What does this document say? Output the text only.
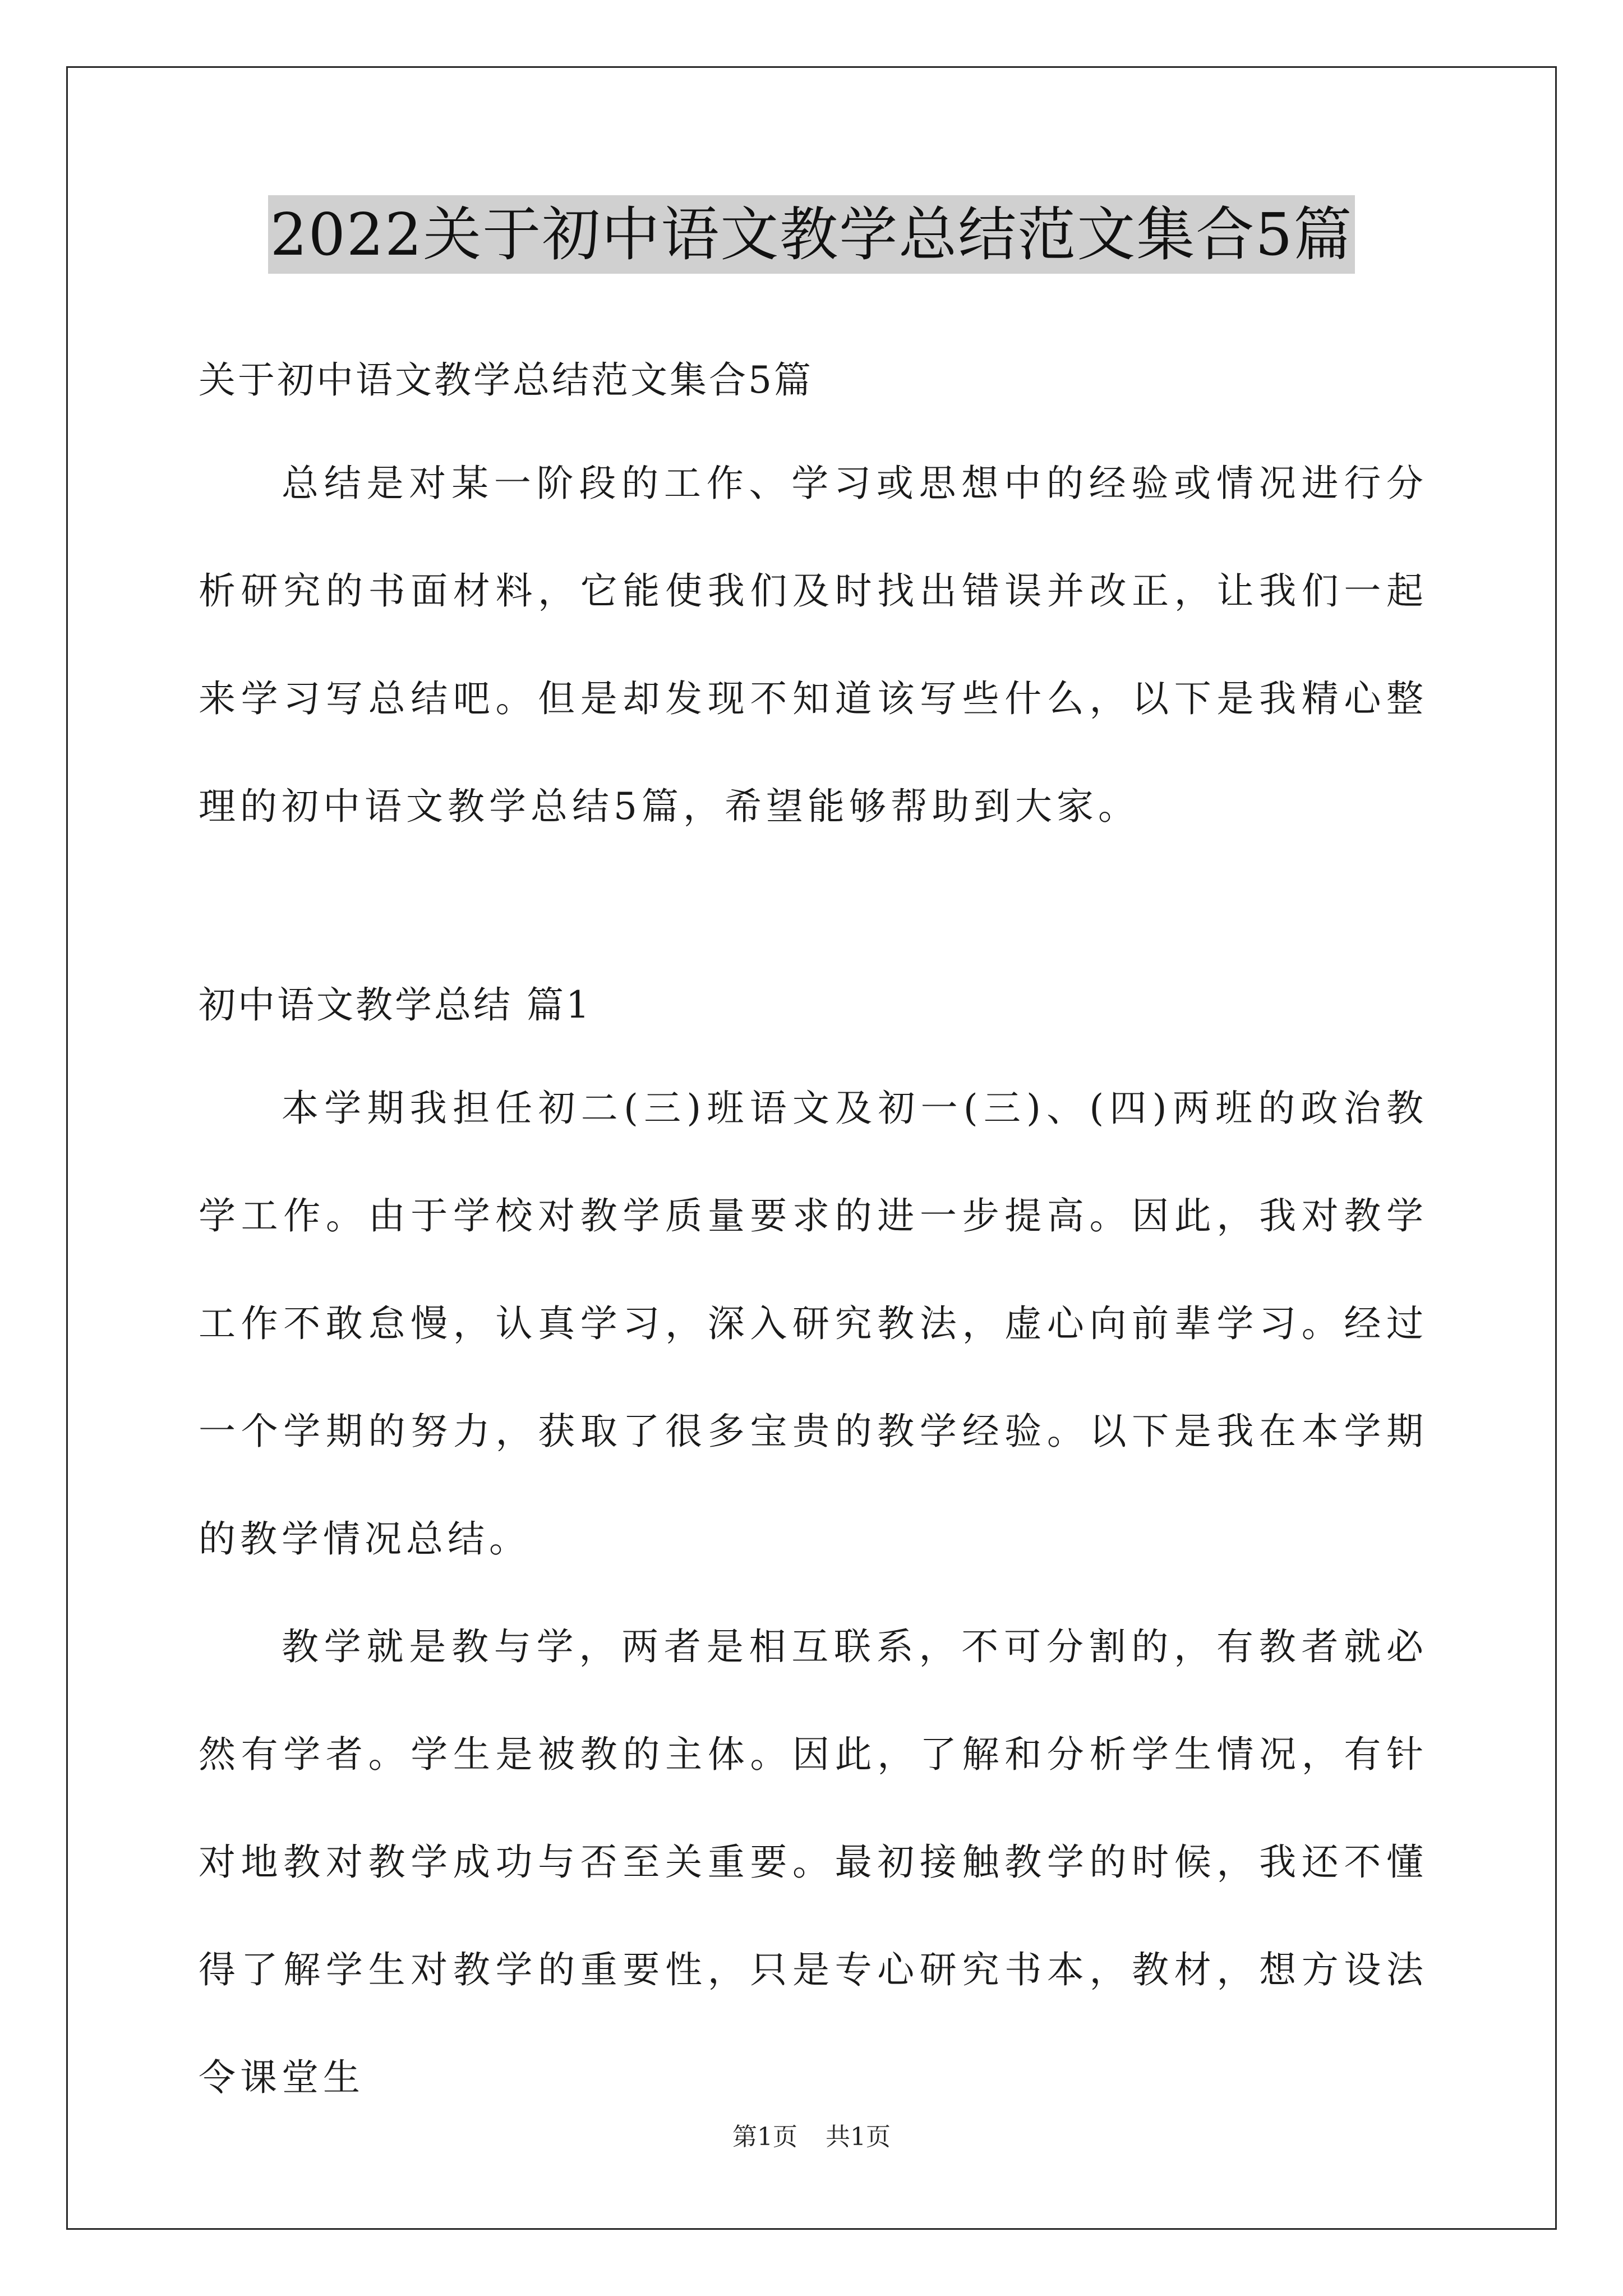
2022关于初中语文教学总结范文集合5篇

关于初中语文教学总结范文集合5篇

总结是对某一阶段的工作、学习或思想中的经验或情况进行分析研究的书面材料，它能使我们及时找出错误并改正，让我们一起来学习写总结吧。但是却发现不知道该写些什么，以下是我精心整理的初中语文教学总结5篇，希望能够帮助到大家。

初中语文教学总结 篇1

本学期我担任初二(三)班语文及初一(三)、(四)两班的政治教学工作。由于学校对教学质量要求的进一步提高。因此，我对教学工作不敢怠慢，认真学习，深入研究教法，虚心向前辈学习。经过一个学期的努力，获取了很多宝贵的教学经验。以下是我在本学期的教学情况总结。

教学就是教与学，两者是相互联系，不可分割的，有教者就必然有学者。学生是被教的主体。因此，了解和分析学生情况，有针对地教对教学成功与否至关重要。最初接触教学的时候，我还不懂得了解学生对教学的重要性，只是专心研究书本，教材，想方设法令课堂生

第1页 共1页
